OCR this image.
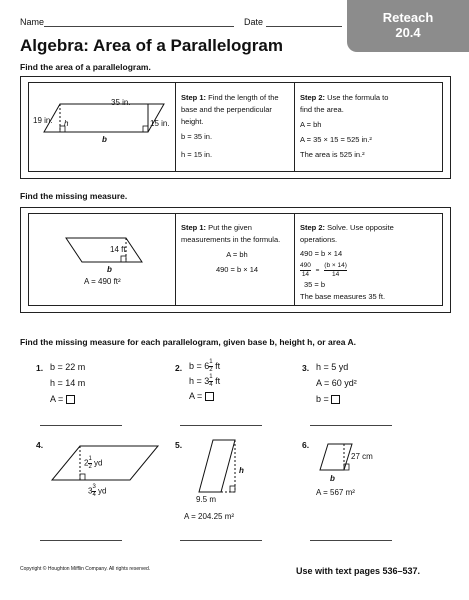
Name	Date	Reteach
20.4
Algebra: Area of a Parallelogram
Find the area of a parallelogram.
35 in.
19 in. h	15 in.
b
Step 1: Find the length of the
base and the perpendicular
height.
b = 35 in.
h = 15 in.
Step 2: Use the formula to
find the area.
A = bh
A = 35 × 15 = 525 in.²
The area is 525 in.²
Find the missing measure.
14 ft
b
A = 490 ft²
Step 1: Put the given
measurements in the formula.
A = bh
490 = b × 14
Step 2: Solve. Use opposite
operations.
490 = b × 14
$\frac{490}{14} = \frac{(b \times 14)}{14}$
35 = b
The base measures 35 ft.
Find the missing measure for each parallelogram, given base b, height h, or area A.
1. b = 22 m
h = 14 m
A =
2. $b = 6 \frac{1}{2}$ ft
$h = 3 \frac{1}{4}$ ft
A =
3. h = 5 yd
A = 60 yd²
b =
4.
$2 \frac{1}{2}$ yd
$3 \frac{3}{4}$ yd
5.
h
9.5 m
A = 204.25 m²
6.
27 cm
b
A = 567 m²
Copyright © Houghton Mifflin Company. All rights reserved.	Use with text pages 536–537.
